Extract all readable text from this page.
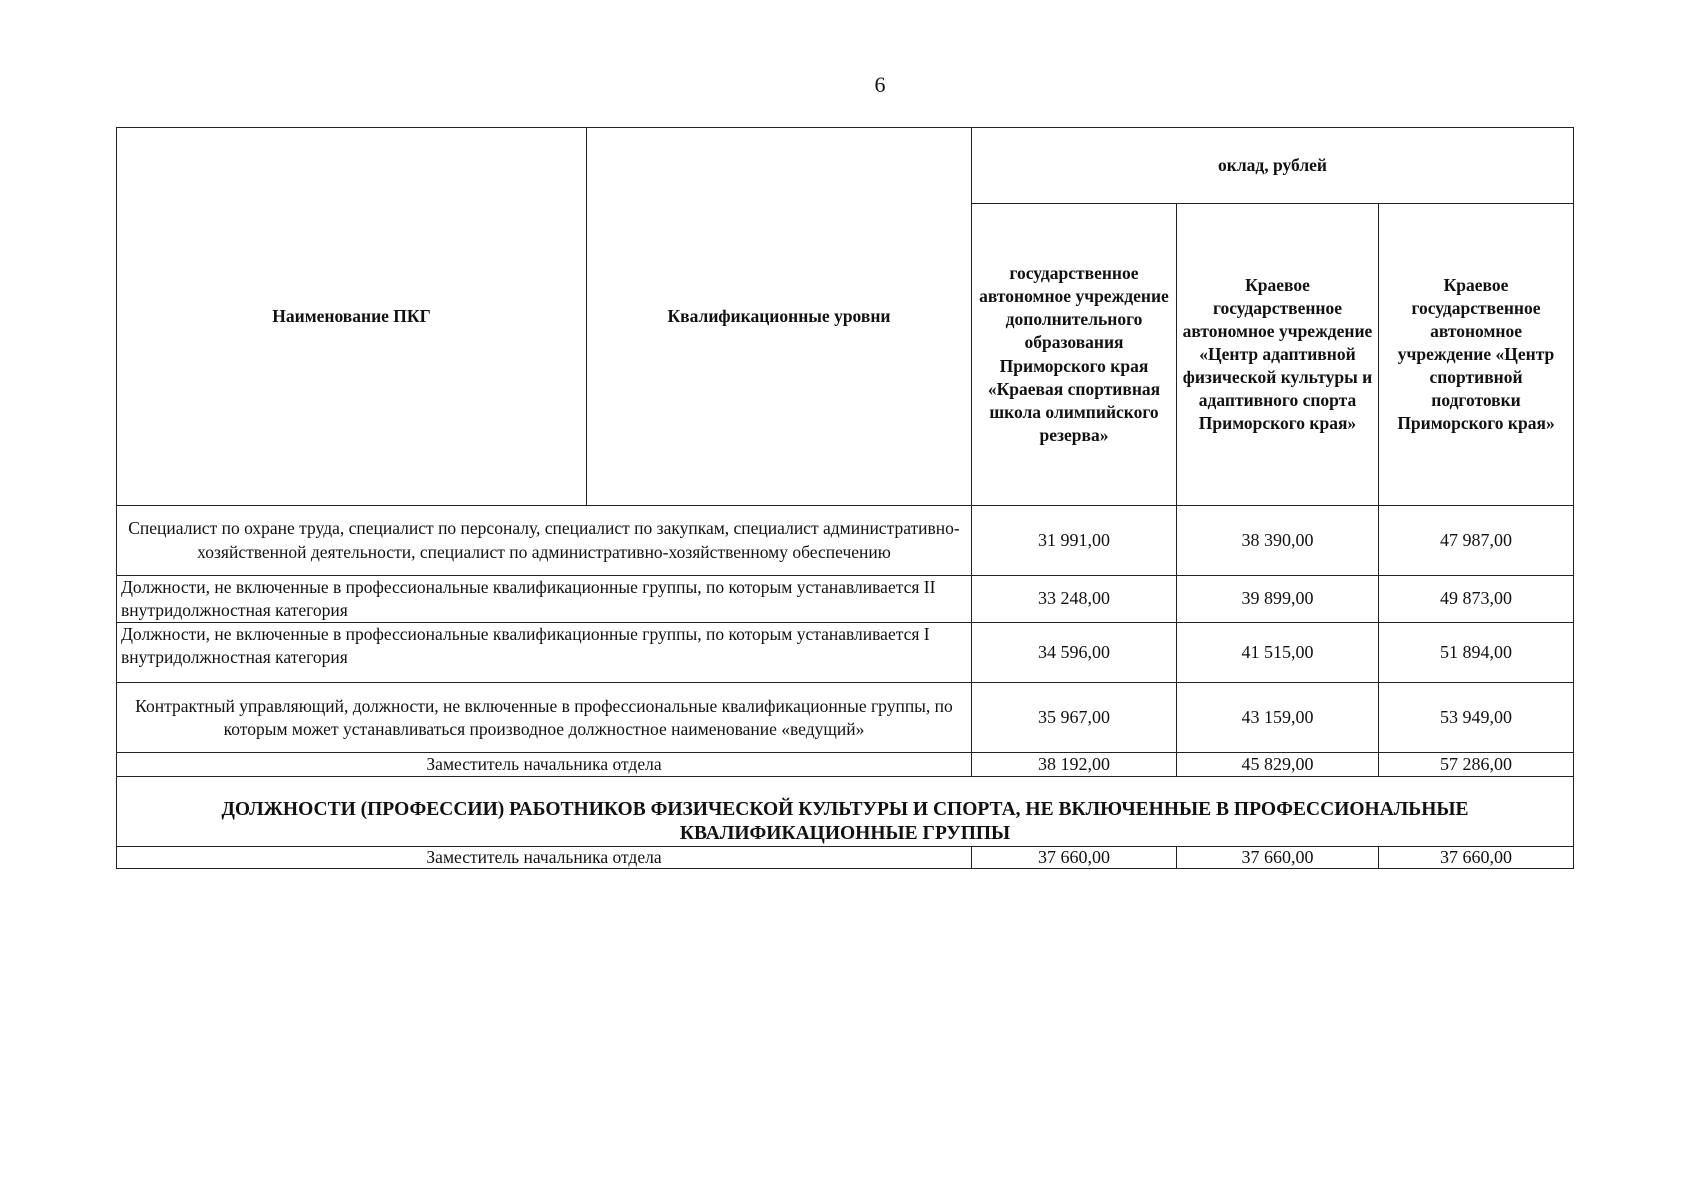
6
Наименование ПКГ	Квалификационные уровни	оклад, рублей		
		государственное автономное учреждение дополнительного образования Приморского края «Краевая спортивная школа олимпийского резерва»	Краевое государственное автономное учреждение «Центр адаптивной физической культуры и адаптивного спорта Приморского края»	Краевое государственное автономное учреждение «Центр спортивной подготовки Приморского края»
Специалист по охране труда, специалист по персоналу, специалист по закупкам, специалист административно-хозяйственной деятельности, специалист по административно-хозяйственному обеспечению		31 991,00	38 390,00	47 987,00
Должности, не включенные в профессиональные квалификационные группы, по которым устанавливается II внутридолжностная категория		33 248,00	39 899,00	49 873,00
Должности, не включенные в профессиональные квалификационные группы, по которым устанавливается I внутридолжностная категория		34 596,00	41 515,00	51 894,00
Контрактный управляющий, должности, не включенные в профессиональные квалификационные группы, по которым может устанавливаться производное должностное наименование «ведущий»		35 967,00	43 159,00	53 949,00
Заместитель начальника отдела		38 192,00	45 829,00	57 286,00
ДОЛЖНОСТИ (ПРОФЕССИИ) РАБОТНИКОВ ФИЗИЧЕСКОЙ КУЛЬТУРЫ И СПОРТА, НЕ ВКЛЮЧЕННЫЕ В ПРОФЕССИОНАЛЬНЫЕ КВАЛИФИКАЦИОННЫЕ ГРУППЫ				
Заместитель начальника отдела		37 660,00	37 660,00	37 660,00
